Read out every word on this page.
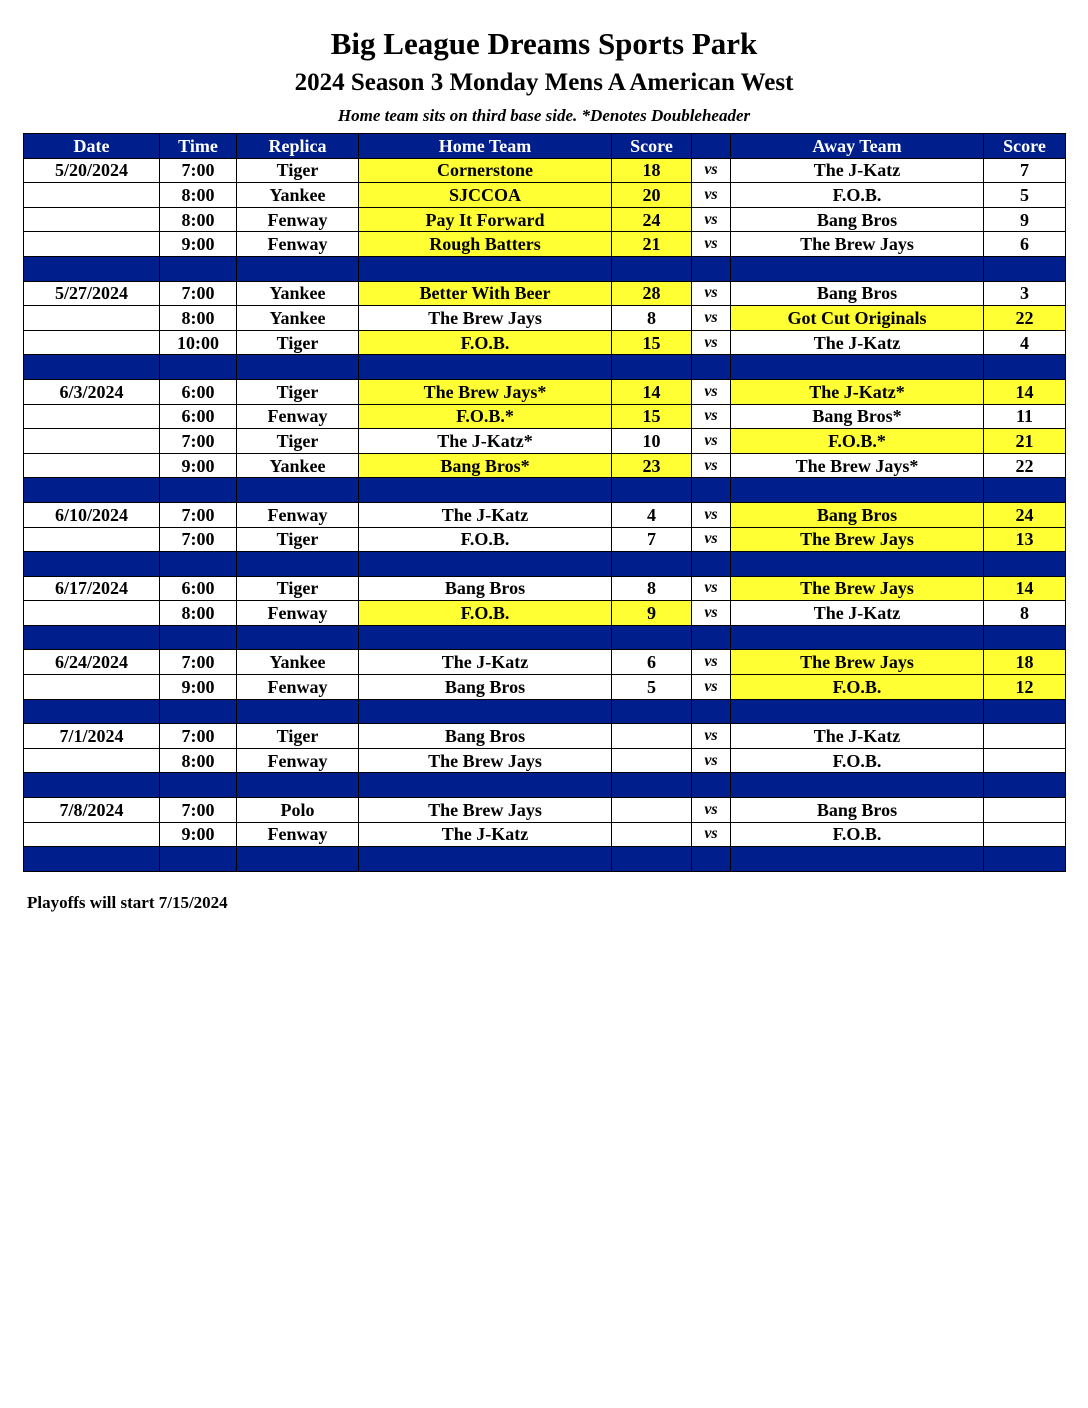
Big League Dreams Sports Park
2024 Season 3 Monday Mens A American West
Home team sits on third base side. *Denotes Doubleheader
Date	Time	Replica	Home Team	Score		Away Team	Score
5/20/2024	7:00	Tiger	Cornerstone	18	vs	The J-Katz	7
	8:00	Yankee	SJCCOA	20	vs	F.O.B.	5
	8:00	Fenway	Pay It Forward	24	vs	Bang Bros	9
	9:00	Fenway	Rough Batters	21	vs	The Brew Jays	6

5/27/2024	7:00	Yankee	Better With Beer	28	vs	Bang Bros	3
	8:00	Yankee	The Brew Jays	8	vs	Got Cut Originals	22
	10:00	Tiger	F.O.B.	15	vs	The J-Katz	4

6/3/2024	6:00	Tiger	The Brew Jays*	14	vs	The J-Katz*	14
	6:00	Fenway	F.O.B.*	15	vs	Bang Bros*	11
	7:00	Tiger	The J-Katz*	10	vs	F.O.B.*	21
	9:00	Yankee	Bang Bros*	23	vs	The Brew Jays*	22

6/10/2024	7:00	Fenway	The J-Katz	4	vs	Bang Bros	24
	7:00	Tiger	F.O.B.	7	vs	The Brew Jays	13

6/17/2024	6:00	Tiger	Bang Bros	8	vs	The Brew Jays	14
	8:00	Fenway	F.O.B.	9	vs	The J-Katz	8

6/24/2024	7:00	Yankee	The J-Katz	6	vs	The Brew Jays	18
	9:00	Fenway	Bang Bros	5	vs	F.O.B.	12

7/1/2024	7:00	Tiger	Bang Bros		vs	The J-Katz	
	8:00	Fenway	The Brew Jays		vs	F.O.B.	

7/8/2024	7:00	Polo	The Brew Jays		vs	Bang Bros	
	9:00	Fenway	The J-Katz		vs	F.O.B.	

Playoffs will start 7/15/2024
